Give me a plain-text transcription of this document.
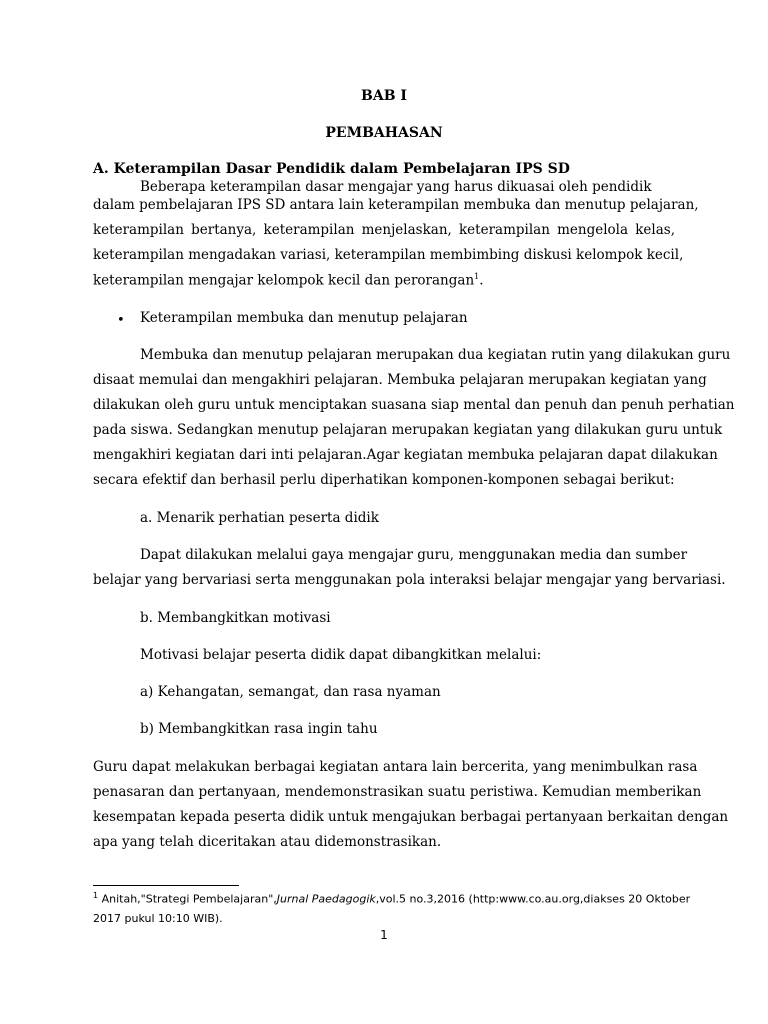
BAB I
PEMBAHASAN
A. Keterampilan Dasar Pendidik dalam Pembelajaran IPS SD
Beberapa keterampilan dasar mengajar yang harus dikuasai oleh pendidik
dalam pembelajaran IPS SD antara lain keterampilan membuka dan menutup pelajaran,
keterampilan bertanya, keterampilan menjelaskan, keterampilan mengelola kelas,
keterampilan mengadakan variasi, keterampilan membimbing diskusi kelompok kecil,
keterampilan mengajar kelompok kecil dan perorangan$^1$.
• Keterampilan membuka dan menutup pelajaran
Membuka dan menutup pelajaran merupakan dua kegiatan rutin yang dilakukan guru
disaat memulai dan mengakhiri pelajaran. Membuka pelajaran merupakan kegiatan yang
dilakukan oleh guru untuk menciptakan suasana siap mental dan penuh dan penuh perhatian
pada siswa. Sedangkan menutup pelajaran merupakan kegiatan yang dilakukan guru untuk
mengakhiri kegiatan dari inti pelajaran.Agar kegiatan membuka pelajaran dapat dilakukan
secara efektif dan berhasil perlu diperhatikan komponen-komponen sebagai berikut:
a. Menarik perhatian peserta didik
Dapat dilakukan melalui gaya mengajar guru, menggunakan media dan sumber
belajar yang bervariasi serta menggunakan pola interaksi belajar mengajar yang bervariasi.
b. Membangkitkan motivasi
Motivasi belajar peserta didik dapat dibangkitkan melalui:
a) Kehangatan, semangat, dan rasa nyaman
b) Membangkitkan rasa ingin tahu
Guru dapat melakukan berbagai kegiatan antara lain bercerita, yang menimbulkan rasa
penasaran dan pertanyaan, mendemonstrasikan suatu peristiwa. Kemudian memberikan
kesempatan kepada peserta didik untuk mengajukan berbagai pertanyaan berkaitan dengan
apa yang telah diceritakan atau didemonstrasikan.
$^1$ Anitah,"Strategi Pembelajaran",Jurnal Paedagogik,vol.5 no.3,2016 (http:www.co.au.org,diakses 20 Oktober
2017 pukul 10:10 WIB).
1
